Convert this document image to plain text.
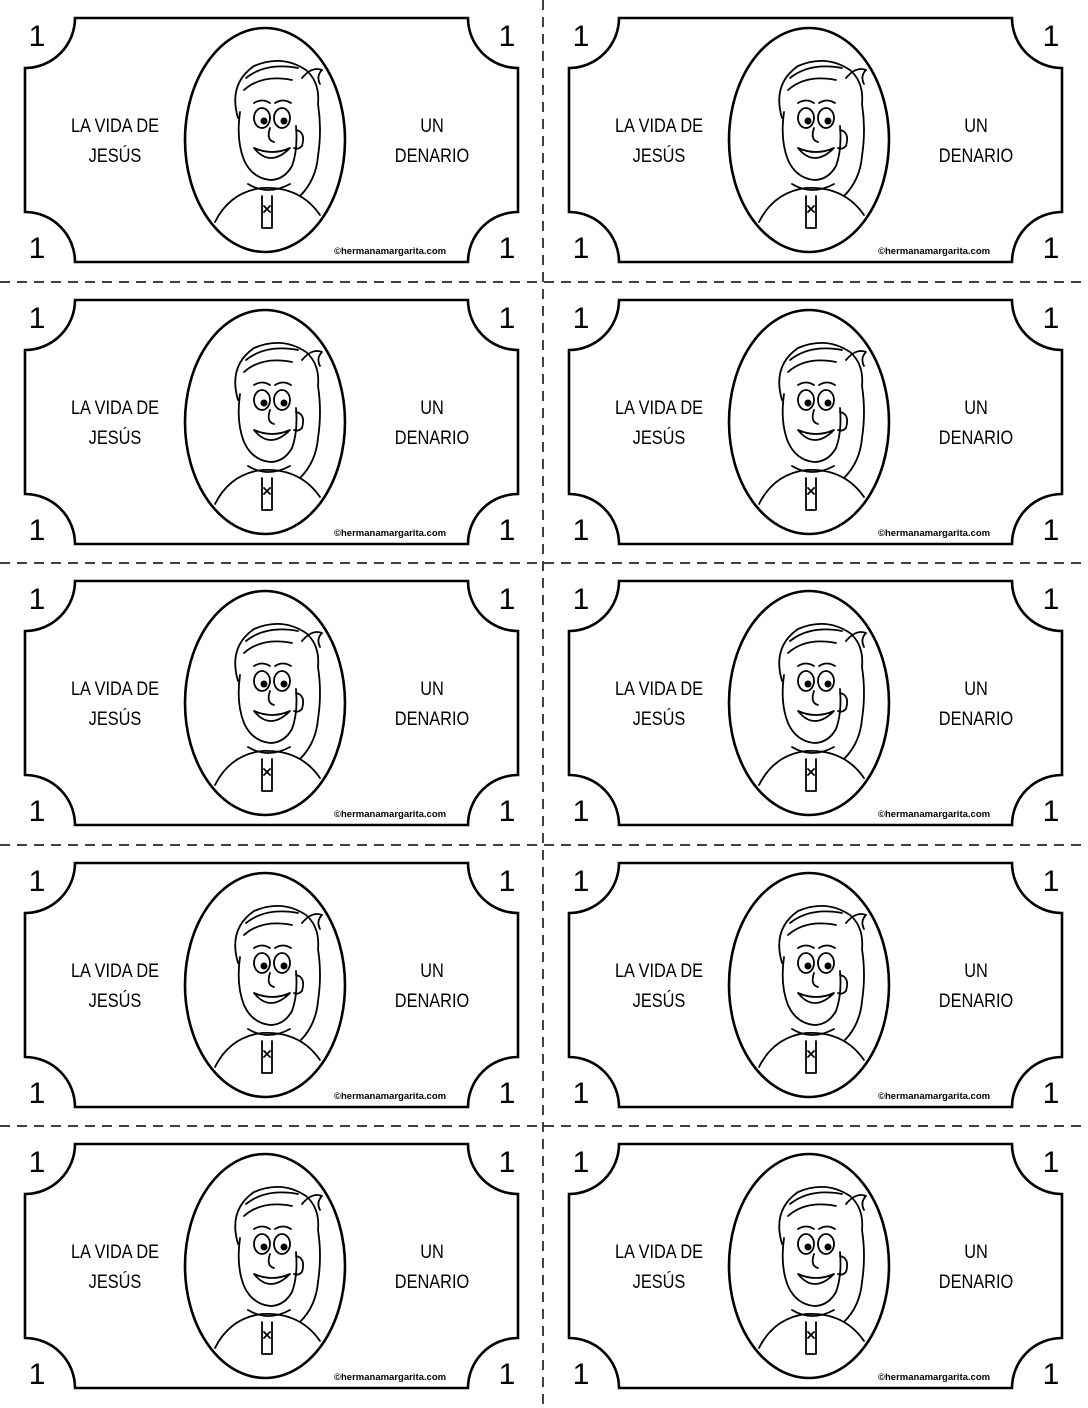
1	1
1	1
LA VIDA DE
JESÚS
UN
DENARIO
©hermanamargarita.com
1	1
1	1
LA VIDA DE
JESÚS
UN
DENARIO
©hermanamargarita.com
1	1
1	1
LA VIDA DE
JESÚS
UN
DENARIO
©hermanamargarita.com
1	1
1	1
LA VIDA DE
JESÚS
UN
DENARIO
©hermanamargarita.com
1	1
1	1
LA VIDA DE
JESÚS
UN
DENARIO
©hermanamargarita.com
1	1
1	1
LA VIDA DE
JESÚS
UN
DENARIO
©hermanamargarita.com
1	1
1	1
LA VIDA DE
JESÚS
UN
DENARIO
©hermanamargarita.com
1	1
1	1
LA VIDA DE
JESÚS
UN
DENARIO
©hermanamargarita.com
1	1
1	1
LA VIDA DE
JESÚS
UN
DENARIO
©hermanamargarita.com
1	1
1	1
LA VIDA DE
JESÚS
UN
DENARIO
©hermanamargarita.com
